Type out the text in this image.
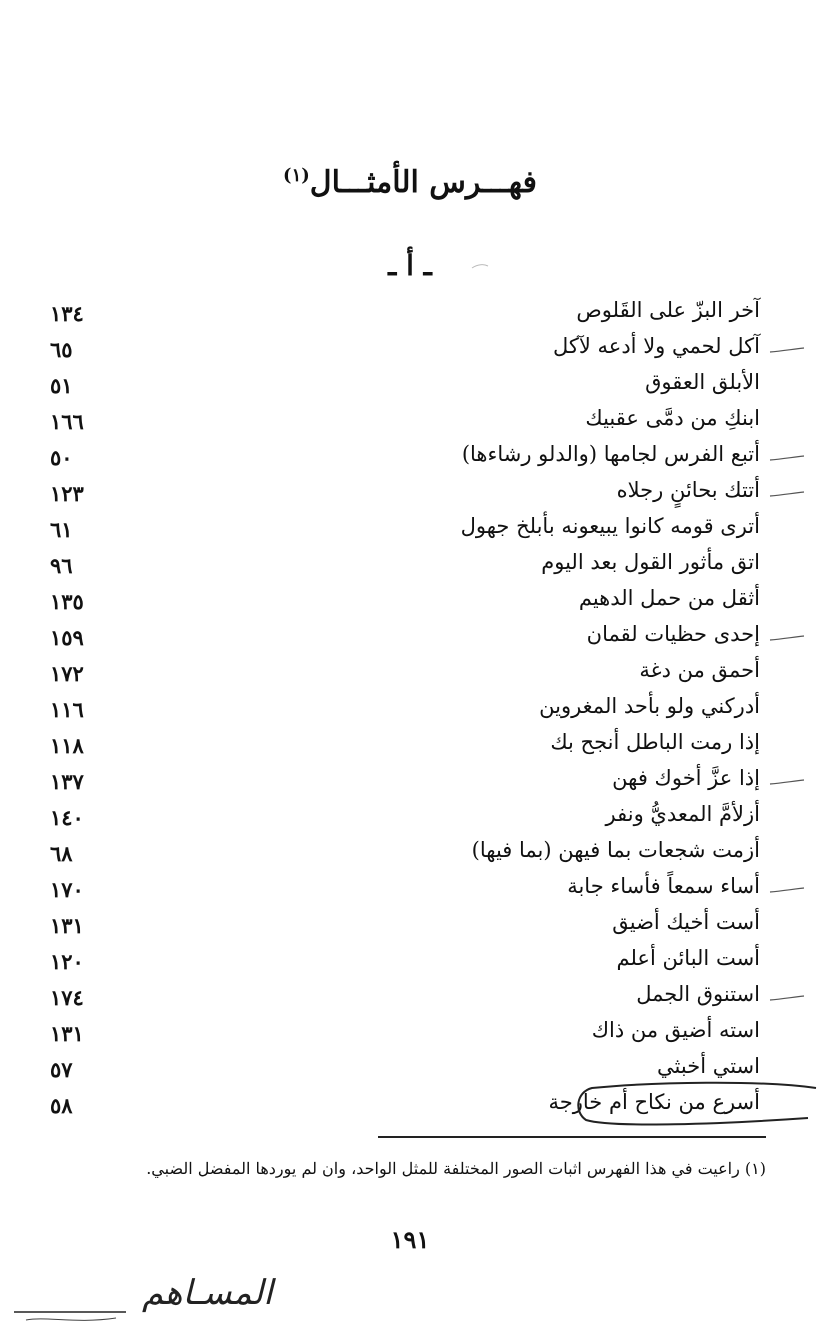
فهـــرس الأمثـــال$^{(١)}$
ـ أ ـ
آخر البزّ على القَلوص
١٣٤
آكل لحمي ولا أدعه لآكل
٦٥
الأبلق العقوق
٥١
ابنكِ من دمَّى عقبيك
١٦٦
أتبع الفرس لجامها (والدلو رشاءها)
٥٠
أتتك بحائنٍ رجلاه
١٢٣
أترى قومه كانوا يبيعونه بأبلخ جهول
٦١
اتق مأثور القول بعد اليوم
٩٦
أثقل من حمل الدهيم
١٣٥
إحدى حظيات لقمان
١٥٩
أحمق من دغة
١٧٢
أدركني ولو بأحد المغروين
١١٦
إذا رمت الباطل أنجح بك
١١٨
إذا عزَّ أخوك فهن
١٣٧
أزلأمَّ المعديُّ ونفر
١٤٠
أزمت شجعات بما فيهن (بما فيها)
٦٨
أساء سمعاً فأساء جابة
١٧٠
أست أخيك أضيق
١٣١
أست البائن أعلم
١٢٠
استنوق الجمل
١٧٤
استه أضيق من ذاك
١٣١
استي أخبثي
٥٧
أسرع من نكاح أم خارجة
٥٨
(١) راعيت في هذا الفهرس اثبات الصور المختلفة للمثل الواحد، وان لم يوردها المفضل الضبي.
١٩١
المسـاهم
